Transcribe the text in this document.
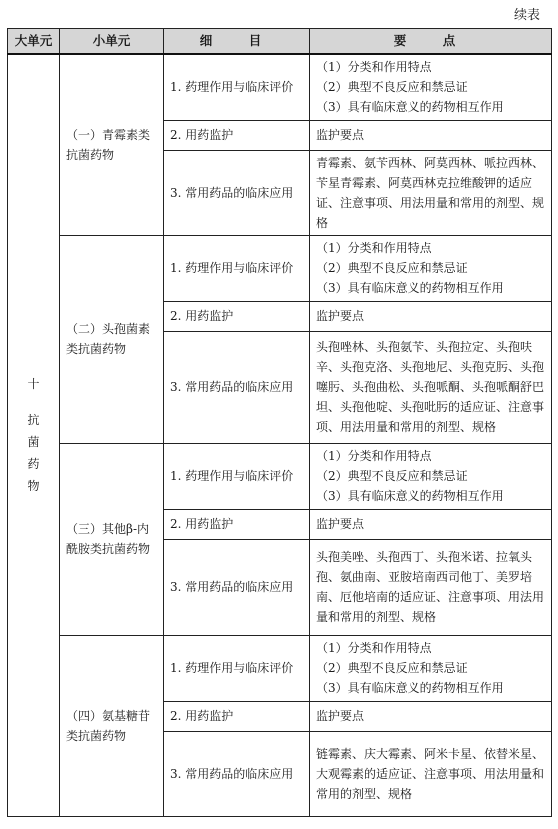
续表
大单元	小单元	细　目	要　点

十
抗
菌
药
物	（一）青霉素类抗菌药物	1. 药理作用与临床评价	（1）分类和作用特点
（2）典型不良反应和禁忌证
（3）具有临床意义的药物相互作用

		2. 用药监护	监护要点

		3. 常用药品的临床应用	青霉素、氨苄西林、阿莫西林、哌拉西林、苄星青霉素、阿莫西林克拉维酸钾的适应证、注意事项、用法用量和常用的剂型、规格

	（二）头孢菌素类抗菌药物	1. 药理作用与临床评价	（1）分类和作用特点
（2）典型不良反应和禁忌证
（3）具有临床意义的药物相互作用

		2. 用药监护	监护要点

		3. 常用药品的临床应用	头孢唑林、头孢氨苄、头孢拉定、头孢呋辛、头孢克洛、头孢地尼、头孢克肟、头孢噻肟、头孢曲松、头孢哌酮、头孢哌酮舒巴坦、头孢他啶、头孢吡肟的适应证、注意事项、用法用量和常用的剂型、规格

	（三）其他β-内酰胺类抗菌药物	1. 药理作用与临床评价	（1）分类和作用特点
（2）典型不良反应和禁忌证
（3）具有临床意义的药物相互作用

		2. 用药监护	监护要点

		3. 常用药品的临床应用	头孢美唑、头孢西丁、头孢米诺、拉氧头孢、氨曲南、亚胺培南西司他丁、美罗培南、厄他培南的适应证、注意事项、用法用量和常用的剂型、规格

	（四）氨基糖苷类抗菌药物	1. 药理作用与临床评价	（1）分类和作用特点
（2）典型不良反应和禁忌证
（3）具有临床意义的药物相互作用

		2. 用药监护	监护要点

		3. 常用药品的临床应用	链霉素、庆大霉素、阿米卡星、依替米星、大观霉素的适应证、注意事项、用法用量和常用的剂型、规格
